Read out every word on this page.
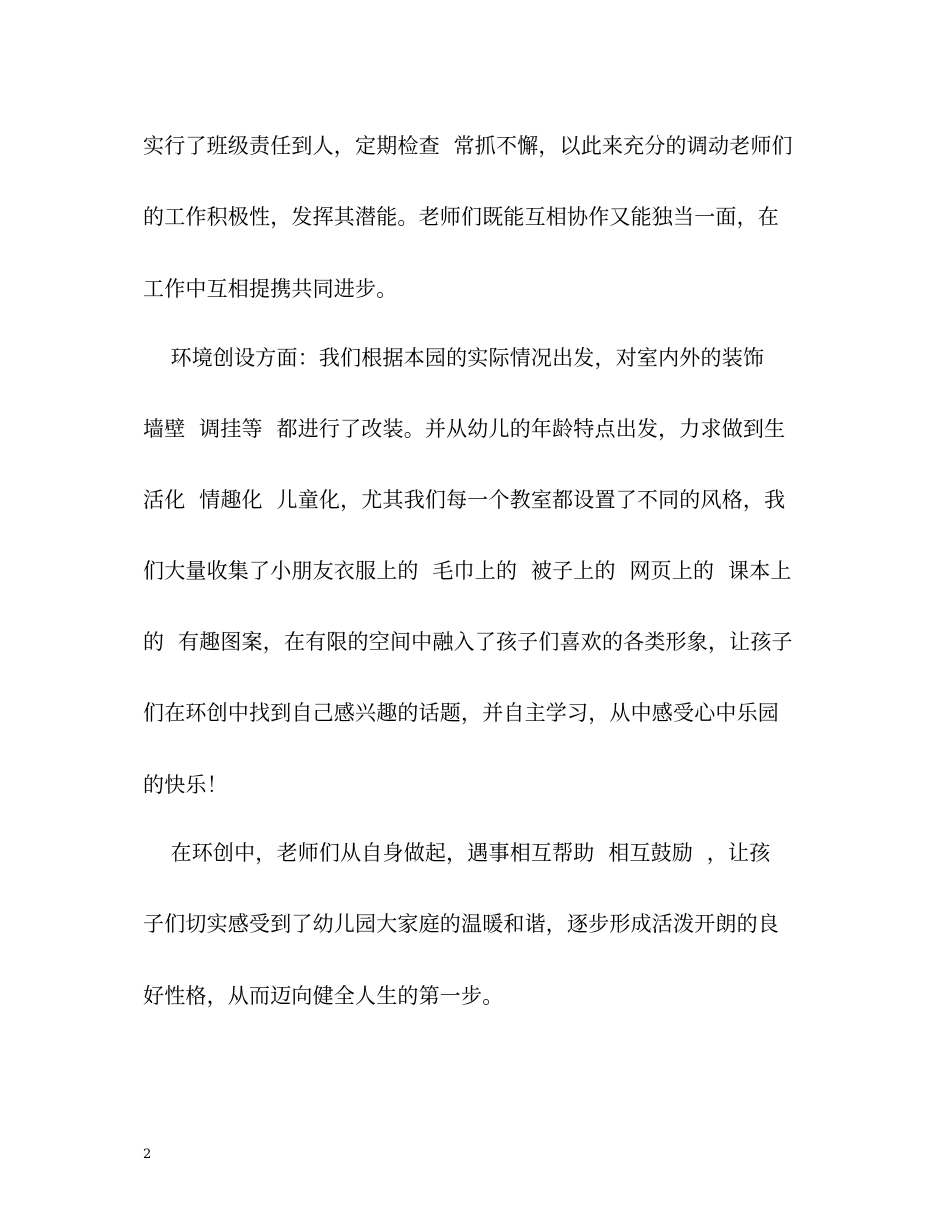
实行了班级责任到人，定期检查  常抓不懈，以此来充分的调动老师们
的工作积极性，发挥其潜能。老师们既能互相协作又能独当一面，在
工作中互相提携共同进步。
环境创设方面：我们根据本园的实际情况出发，对室内外的装饰
墙壁  调挂等  都进行了改装。并从幼儿的年龄特点出发，力求做到生
活化  情趣化  儿童化，尤其我们每一个教室都设置了不同的风格，我
们大量收集了小朋友衣服上的  毛巾上的  被子上的  网页上的  课本上
的  有趣图案，在有限的空间中融入了孩子们喜欢的各类形象，让孩子
们在环创中找到自己感兴趣的话题，并自主学习，从中感受心中乐园
的快乐！
在环创中，老师们从自身做起，遇事相互帮助  相互鼓励  ，让孩
子们切实感受到了幼儿园大家庭的温暖和谐，逐步形成活泼开朗的良
好性格，从而迈向健全人生的第一步。
2
